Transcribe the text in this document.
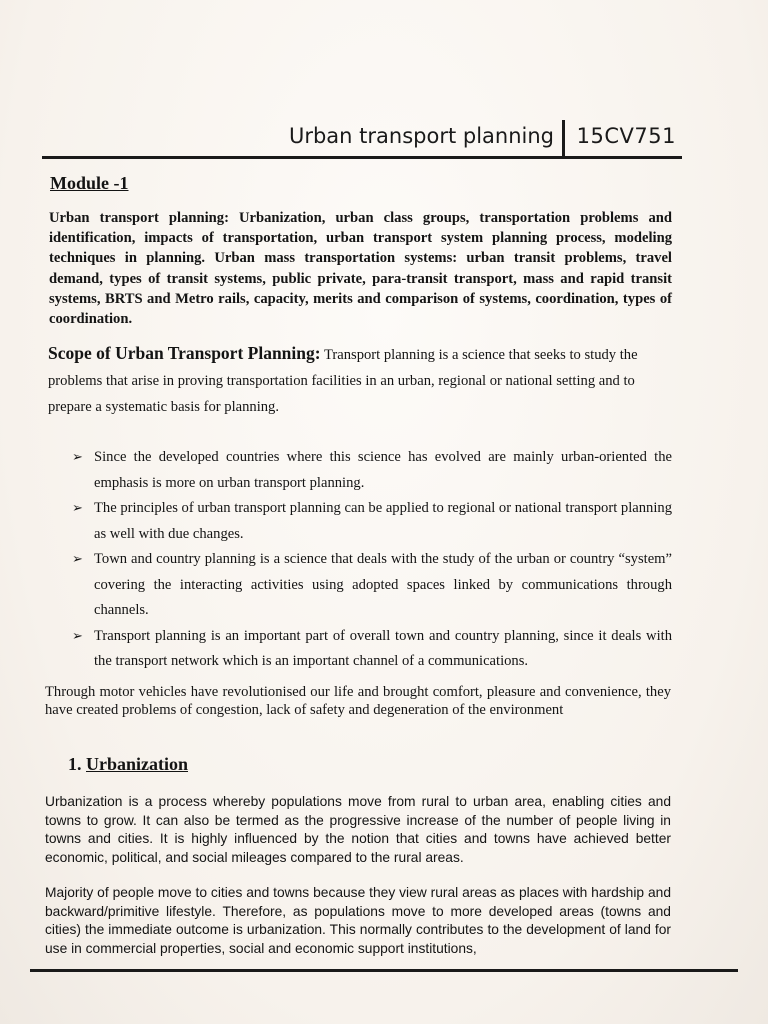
Urban transport planning 15CV751
Module -1
Urban transport planning: Urbanization, urban class groups, transportation problems and identification, impacts of transportation, urban transport system planning process, modeling techniques in planning. Urban mass transportation systems: urban transit problems, travel demand, types of transit systems, public private, para-transit transport, mass and rapid transit systems, BRTS and Metro rails, capacity, merits and comparison of systems, coordination, types of coordination.
Scope of Urban Transport Planning: Transport planning is a science that seeks to study the problems that arise in proving transportation facilities in an urban, regional or national setting and to prepare a systematic basis for planning.
➢ Since the developed countries where this science has evolved are mainly urban-oriented the emphasis is more on urban transport planning.
➢ The principles of urban transport planning can be applied to regional or national transport planning as well with due changes.
➢ Town and country planning is a science that deals with the study of the urban or country “system” covering the interacting activities using adopted spaces linked by communications through channels.
➢ Transport planning is an important part of overall town and country planning, since it deals with the transport network which is an important channel of a communications.
Through motor vehicles have revolutionised our life and brought comfort, pleasure and convenience, they have created problems of congestion, lack of safety and degeneration of the environment
1. Urbanization
Urbanization is a process whereby populations move from rural to urban area, enabling cities and towns to grow. It can also be termed as the progressive increase of the number of people living in towns and cities. It is highly influenced by the notion that cities and towns have achieved better economic, political, and social mileages compared to the rural areas.
Majority of people move to cities and towns because they view rural areas as places with hardship and backward/primitive lifestyle. Therefore, as populations move to more developed areas (towns and cities) the immediate outcome is urbanization. This normally contributes to the development of land for use in commercial properties, social and economic support institutions,
